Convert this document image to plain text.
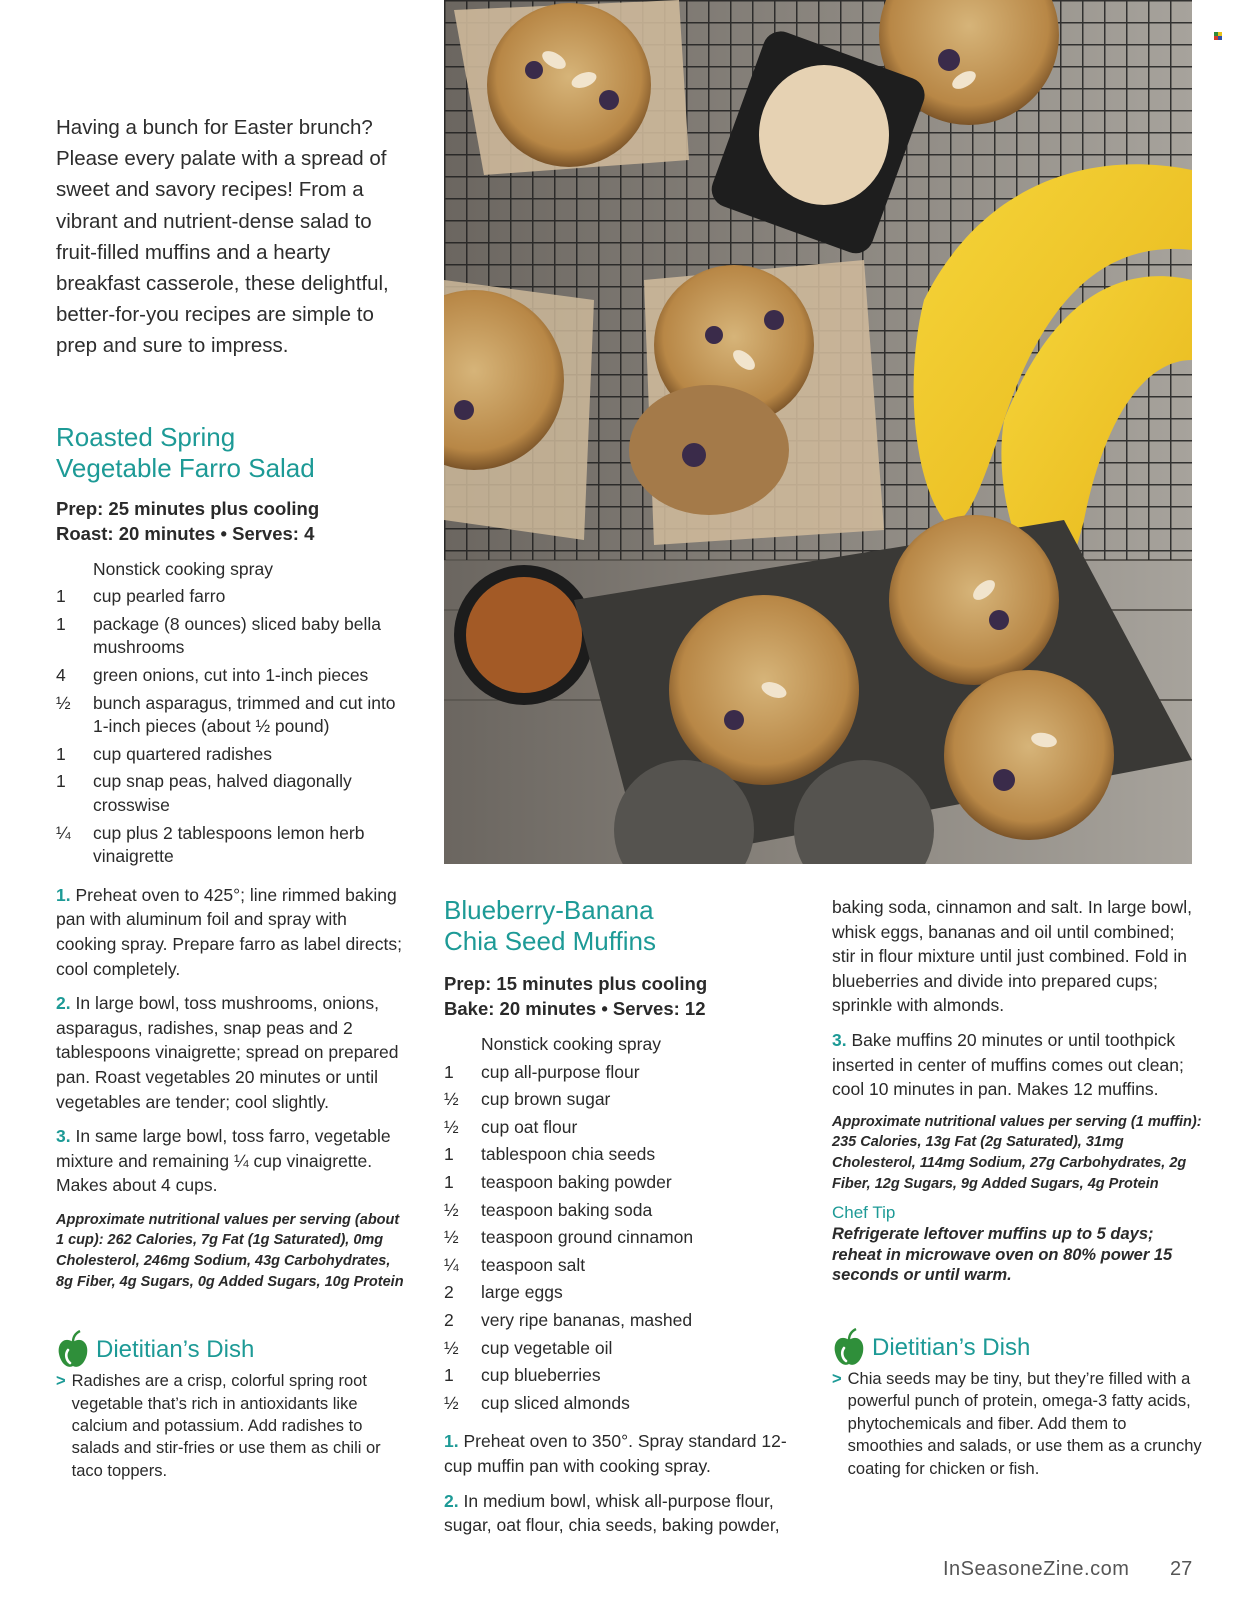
Having a bunch for Easter brunch? Please every palate with a spread of sweet and savory recipes! From a vibrant and nutrient-dense salad to fruit-filled muffins and a hearty breakfast casserole, these delightful, better-for-you recipes are simple to prep and sure to impress.

Roasted Spring
Vegetable Farro Salad
Prep: 25 minutes plus cooling
Roast: 20 minutes • Serves: 4
Nonstick cooking spray
1	cup pearled farro
1	package (8 ounces) sliced baby bella mushrooms
4	green onions, cut into 1-inch pieces
½	bunch asparagus, trimmed and cut into 1-inch pieces (about ½ pound)
1	cup quartered radishes
1	cup snap peas, halved diagonally crosswise
¼	cup plus 2 tablespoons lemon herb vinaigrette

1. Preheat oven to 425°; line rimmed baking pan with aluminum foil and spray with cooking spray. Prepare farro as label directs; cool completely.

2. In large bowl, toss mushrooms, onions, asparagus, radishes, snap peas and 2 tablespoons vinaigrette; spread on prepared pan. Roast vegetables 20 minutes or until vegetables are tender; cool slightly.

3. In same large bowl, toss farro, vegetable mixture and remaining ¼ cup vinaigrette. Makes about 4 cups.

Approximate nutritional values per serving (about 1 cup): 262 Calories, 7g Fat (1g Saturated), 0mg Cholesterol, 246mg Sodium, 43g Carbohydrates, 8g Fiber, 4g Sugars, 0g Added Sugars, 10g Protein

Dietitian’s Dish
> Radishes are a crisp, colorful spring root vegetable that’s rich in antioxidants like calcium and potassium. Add radishes to salads and stir-fries or use them as chili or taco toppers.
Blueberry-Banana
Chia Seed Muffins
Prep: 15 minutes plus cooling
Bake: 20 minutes • Serves: 12
Nonstick cooking spray
1	cup all-purpose flour
½	cup brown sugar
½	cup oat flour
1	tablespoon chia seeds
1	teaspoon baking powder
½	teaspoon baking soda
½	teaspoon ground cinnamon
¼	teaspoon salt
2	large eggs
2	very ripe bananas, mashed
½	cup vegetable oil
1	cup blueberries
½	cup sliced almonds

1. Preheat oven to 350°. Spray standard 12-cup muffin pan with cooking spray.

2. In medium bowl, whisk all-purpose flour, sugar, oat flour, chia seeds, baking powder,

baking soda, cinnamon and salt. In large bowl, whisk eggs, bananas and oil until combined; stir in flour mixture until just combined. Fold in blueberries and divide into prepared cups; sprinkle with almonds.

3. Bake muffins 20 minutes or until toothpick inserted in center of muffins comes out clean; cool 10 minutes in pan. Makes 12 muffins.

Approximate nutritional values per serving (1 muffin): 235 Calories, 13g Fat (2g Saturated), 31mg Cholesterol, 114mg Sodium, 27g Carbohydrates, 2g Fiber, 12g Sugars, 9g Added Sugars, 4g Protein

Chef Tip

Refrigerate leftover muffins up to 5 days; reheat in microwave oven on 80% power 15 seconds or until warm.

Dietitian’s Dish
> Chia seeds may be tiny, but they’re filled with a powerful punch of protein, omega-3 fatty acids, phytochemicals and fiber. Add them to smoothies and salads, or use them as a crunchy coating for chicken or fish.
InSeasoneZine.com 27
